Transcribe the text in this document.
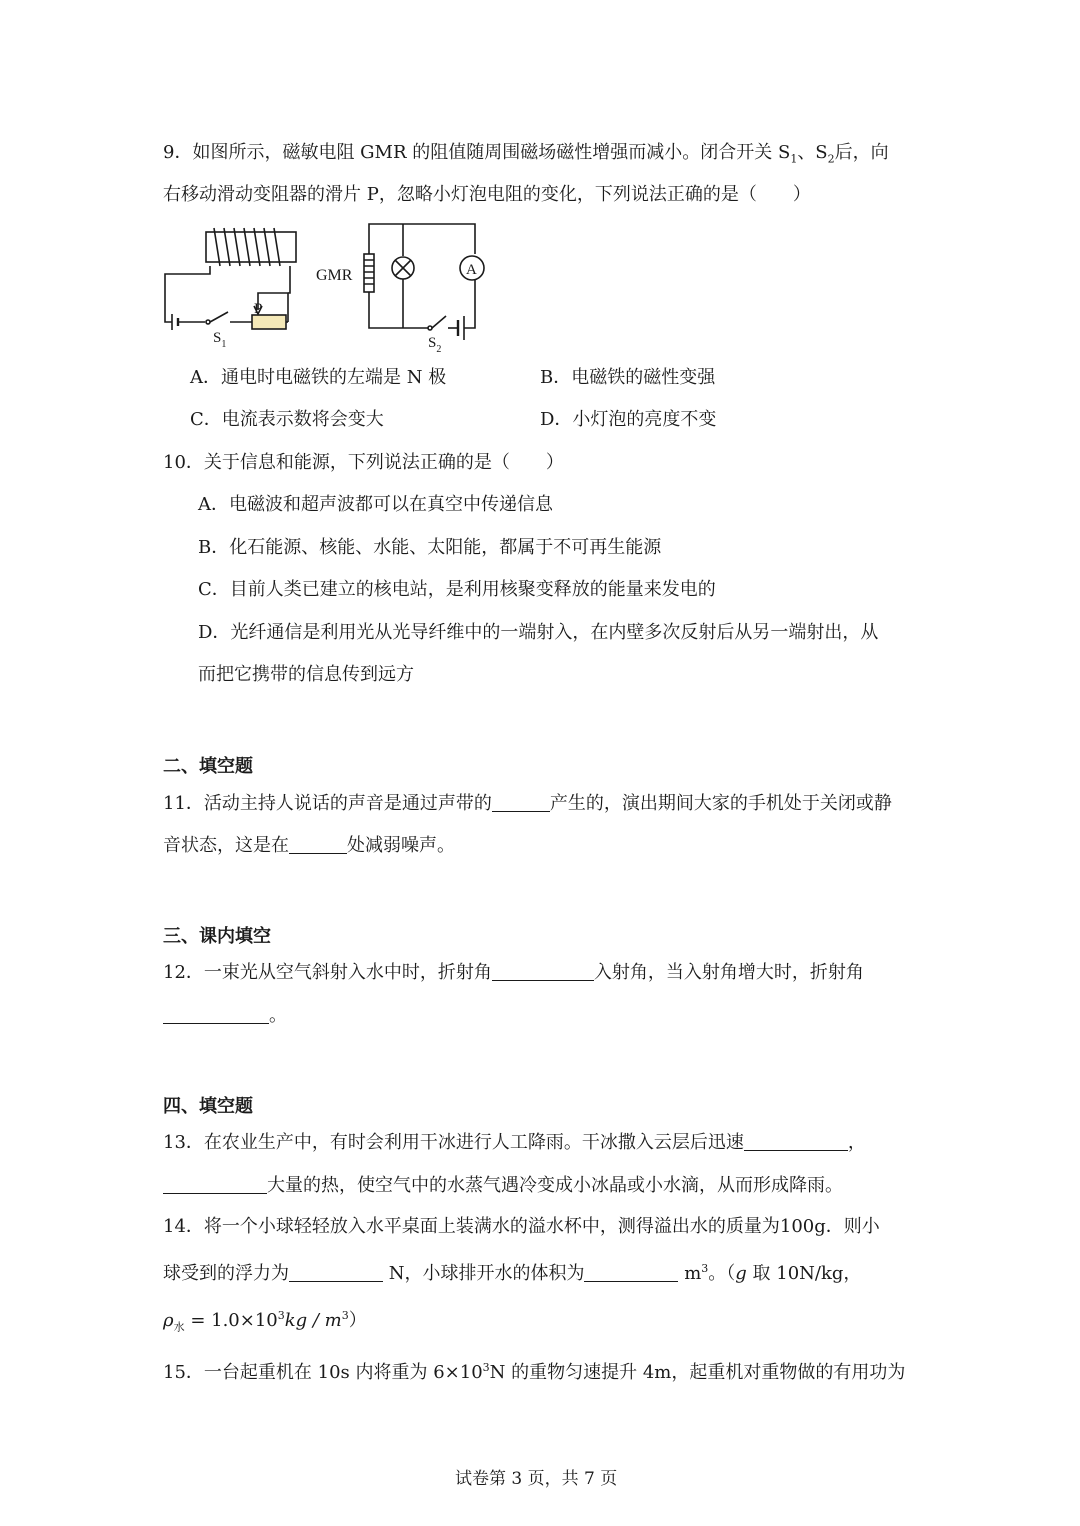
9．如图所示，磁敏电阻 GMR 的阻值随周围磁场磁性增强而减小。闭合开关 $S_1$、$S_2$后，向
右移动滑动变阻器的滑片 P，忽略小灯泡电阻的变化，下列说法正确的是（　　）
GMR
P
$S_1$	$S_2$
A
A．通电时电磁铁的左端是 N 极	B．电磁铁的磁性变强
C．电流表示数将会变大	D．小灯泡的亮度不变
10．关于信息和能源，下列说法正确的是（　　）
A．电磁波和超声波都可以在真空中传递信息
B．化石能源、核能、水能、太阳能，都属于不可再生能源
C．目前人类已建立的核电站，是利用核聚变释放的能量来发电的
D．光纤通信是利用光从光导纤维中的一端射入，在内壁多次反射后从另一端射出，从
而把它携带的信息传到远方
二、填空题
11．活动主持人说话的声音是通过声带的	产生的，演出期间大家的手机处于关闭或静
音状态，这是在	处减弱噪声。
三、课内填空
12．一束光从空气斜射入水中时，折射角	入射角，当入射角增大时，折射角
。
四、填空题
13．在农业生产中，有时会利用干冰进行人工降雨。干冰撒入云层后迅速	，
大量的热，使空气中的水蒸气遇冷变成小冰晶或小水滴，从而形成降雨。
14．将一个小球轻轻放入水平桌面上装满水的溢水杯中，测得溢出水的质量为100g．则小
球受到的浮力为	N，小球排开水的体积为	$m^3$。（g 取 10N/kg，
$\rho_水 = 1.0\times 10^3kg / m^3$）
15．一台起重机在 10s 内将重为 $6\times 10^3N$ 的重物匀速提升 4m，起重机对重物做的有用功为
试卷第 3 页，共 7 页
